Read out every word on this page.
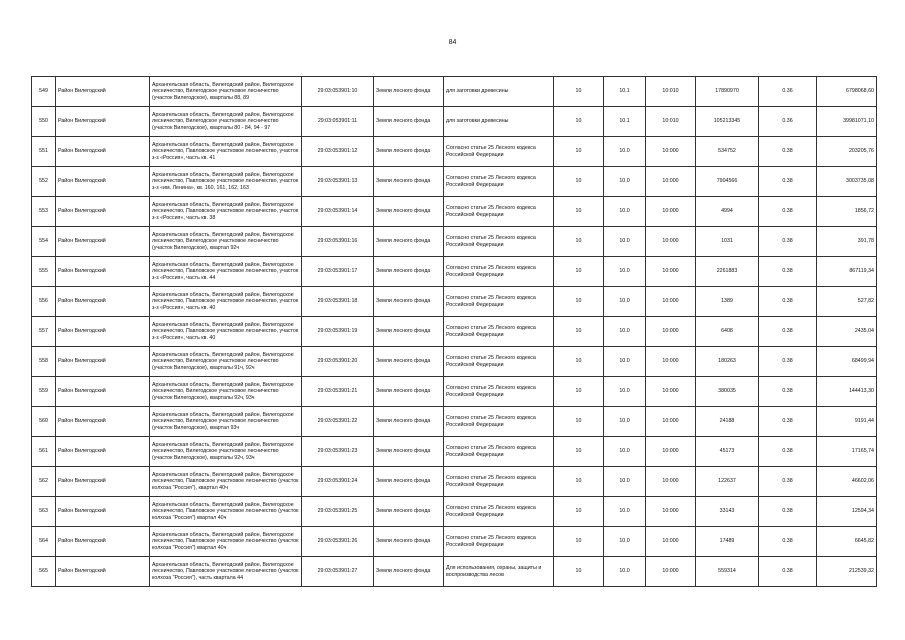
84
549	Район Вилегодский	Архангельская область, Вилегодский район, Вилегодское лесничество, Вилегодское участковое лесничество (участок Вилегодское), кварталы 88, 89	29:03:053901:10	Земли лесного фонда	для заготовки древесины	10	10.1	10:010	17890970	0.36	6798068,60
550	Район Вилегодский	Архангельская область, Вилегодский район, Вилегодское лесничество, Вилегодское участковое лесничество (участок Вилегодское), кварталы 80 - 84, 94 - 97	29:03:053901:11	Земли лесного фонда	для заготовки древесины	10	10.1	10:010	105213345	0.36	39981071,10
551	Район Вилегодский	Архангельская область, Вилегодский район, Вилегодское лесничество, Павловское участковое лесничество, участок з-з «Россия», часть кв. 41	29:03:053901:12	Земли лесного фонда	Согласно статье 25 Лесного кодекса Российской Федерации	10	10.0	10:000	534752	0.38	203205,76
552	Район Вилегодский	Архангельская область, Вилегодский район, Вилегодское лесничество, Павловское участковое лесничество, участок з-з «им. Ленина», кв. 160, 161, 162, 163	29:03:053901:13	Земли лесного фонда	Согласно статье 25 Лесного кодекса Российской Федерации	10	10.0	10:000	7904566	0.38	3003735,08
553	Район Вилегодский	Архангельская область, Вилегодский район, Вилегодское лесничество, Павловское участковое лесничество, участок з-з «Россия», часть кв. 38	29:03:053901:14	Земли лесного фонда	Согласно статье 25 Лесного кодекса Российской Федерации	10	10.0	10:000	4994	0.38	1856,72
554	Район Вилегодский	Архангельская область, Вилегодский район, Вилегодское лесничество, Вилегодское участковое лесничество (участок Вилегодское), квартал 92ч	29:03:053901:16	Земли лесного фонда	Согласно статье 25 Лесного кодекса Российской Федерации	10	10.0	10:000	1031	0.38	391,78
555	Район Вилегодский	Архангельская область, Вилегодский район, Вилегодское лесничество, Павловское участковое лесничество, участок з-з «Россия», часть кв. 44	29:03:053901:17	Земли лесного фонда	Согласно статье 25 Лесного кодекса Российской Федерации	10	10.0	10:000	2261883	0.38	867119,34
556	Район Вилегодский	Архангельская область, Вилегодский район, Вилегодское лесничество, Павловское участковое лесничество, участок з-з «Россия», часть кв. 40	29:03:053901:18	Земли лесного фонда	Согласно статье 25 Лесного кодекса Российской Федерации	10	10.0	10:000	1389	0.38	527,82
557	Район Вилегодский	Архангельская область, Вилегодский район, Вилегодское лесничество, Павловское участковое лесничество, участок з-з «Россия», часть кв. 40	29:03:053901:19	Земли лесного фонда	Согласно статье 25 Лесного кодекса Российской Федерации	10	10.0	10:000	6408	0.38	2435,04
558	Район Вилегодский	Архангельская область, Вилегодский район, Вилегодское лесничество, Вилегодское участковое лесничество (участок Вилегодское), кварталы 91ч, 92ч	29:03:053901:20	Земли лесного фонда	Согласно статье 25 Лесного кодекса Российской Федерации	10	10.0	10:000	180263	0.38	68499,94
559	Район Вилегодский	Архангельская область, Вилегодский район, Вилегодское лесничество, Вилегодское участковое лесничество (участок Вилегодское), кварталы 92ч, 93ч	29:03:053901:21	Земли лесного фонда	Согласно статье 25 Лесного кодекса Российской Федерации	10	10.0	10:000	380035	0.38	144413,30
560	Район Вилегодский	Архангельская область, Вилегодский район, Вилегодское лесничество, Вилегодское участковое лесничество (участок Вилегодское), квартал 93ч	29:03:053901:22	Земли лесного фонда	Согласно статье 25 Лесного кодекса Российской Федерации	10	10.0	10:000	24188	0.38	9191,44
561	Район Вилегодский	Архангельская область, Вилегодский район, Вилегодское лесничество, Вилегодское участковое лесничество (участок Вилегодское), кварталы 92ч, 93ч	29:03:053901:23	Земли лесного фонда	Согласно статье 25 Лесного кодекса Российской Федерации	10	10.0	10:000	45173	0.38	17165,74
562	Район Вилегодский	Архангельская область, Вилегодский район, Вилегодское лесничество, Павловское участковое лесничество (участок колхоза "Россия"), квартал 40ч	29:03:053901:24	Земли лесного фонда	Согласно статье 25 Лесного кодекса Российской Федерации	10	10.0	10:000	122637	0.38	46602,06
563	Район Вилегодский	Архангельская область, Вилегодский район, Вилегодское лесничество, Павловское участковое лесничество (участок колхоза "Россия") квартал 40ч	29:03:053901:25	Земли лесного фонда	Согласно статье 25 Лесного кодекса Российской Федерации	10	10.0	10:000	33143	0.38	12594,34
564	Район Вилегодский	Архангельская область, Вилегодский район, Вилегодское лесничество, Павловское участковое лесничество (участок колхоза "Россия") квартал 40ч	29:03:053901:26	Земли лесного фонда	Согласно статье 25 Лесного кодекса Российской Федерации	10	10.0	10:000	17489	0.38	6645,82
565	Район Вилегодский	Архангельская область, Вилегодский район, Вилегодское лесничество, Павловское участковое лесничество (участок колхоза "Россия"), часть квартала 44	29:03:053901:27	Земли лесного фонда	Для использования, охраны, защиты и воспроизводства лесов	10	10.0	10:000	559314	0.38	212539,32
